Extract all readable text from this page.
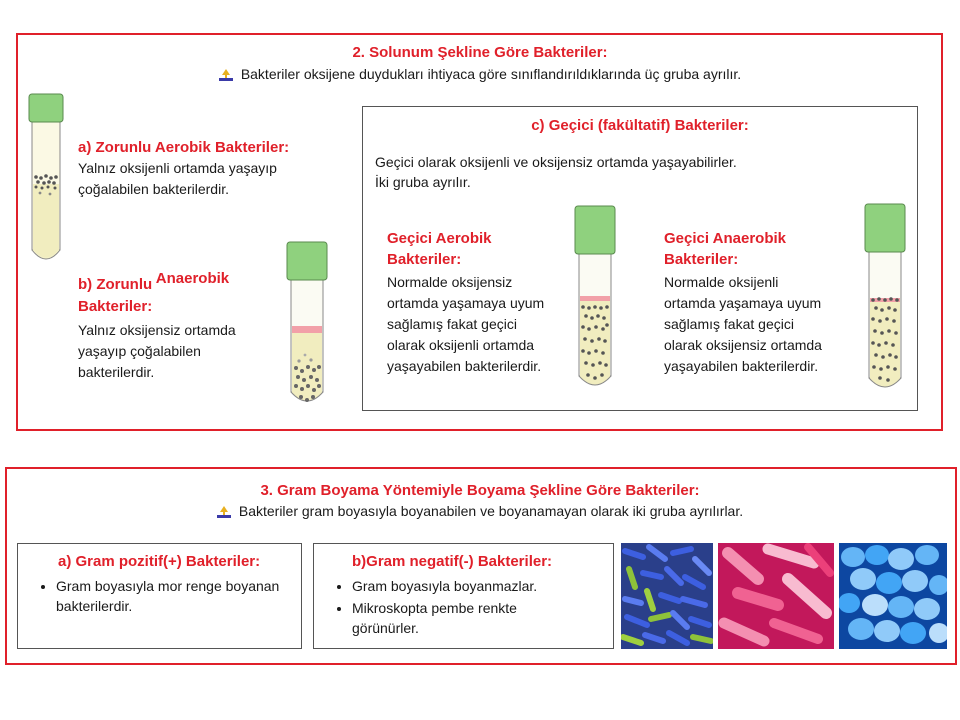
2. Solunum Şekline Göre Bakteriler:
Bakteriler oksijene duydukları ihtiyaca göre sınıflandırıldıklarında üç gruba ayrılır.
a) Zorunlu Aerobik Bakteriler:
Yalnız oksijenli ortamda yaşayıp
çoğalabilen bakterilerdir.
b) Zorunlu Anaerobik
Bakteriler:
Yalnız oksijensiz ortamda
yaşayıp çoğalabilen
bakterilerdir.
c) Geçici (fakültatif) Bakteriler:
Geçici olarak oksijenli ve oksijensiz ortamda yaşayabilirler.
İki gruba ayrılır.
Geçici Aerobik
Bakteriler:
Normalde oksijensiz
ortamda yaşamaya uyum
sağlamış fakat geçici
olarak oksijenli ortamda
yaşayabilen bakterilerdir.
Geçici Anaerobik
Bakteriler:
Normalde oksijenli
ortamda yaşamaya uyum
sağlamış fakat geçici
olarak oksijensiz ortamda
yaşayabilen bakterilerdir.
3. Gram Boyama Yöntemiyle Boyama Şekline Göre Bakteriler:
Bakteriler gram boyasıyla boyanabilen ve boyanamayan olarak iki gruba ayrılırlar.
a) Gram pozitif(+) Bakteriler:
• Gram boyasıyla mor renge boyanan bakterilerdir.
b)Gram negatif(-) Bakteriler:
• Gram boyasıyla boyanmazlar.
• Mikroskopta pembe renkte görünürler.
